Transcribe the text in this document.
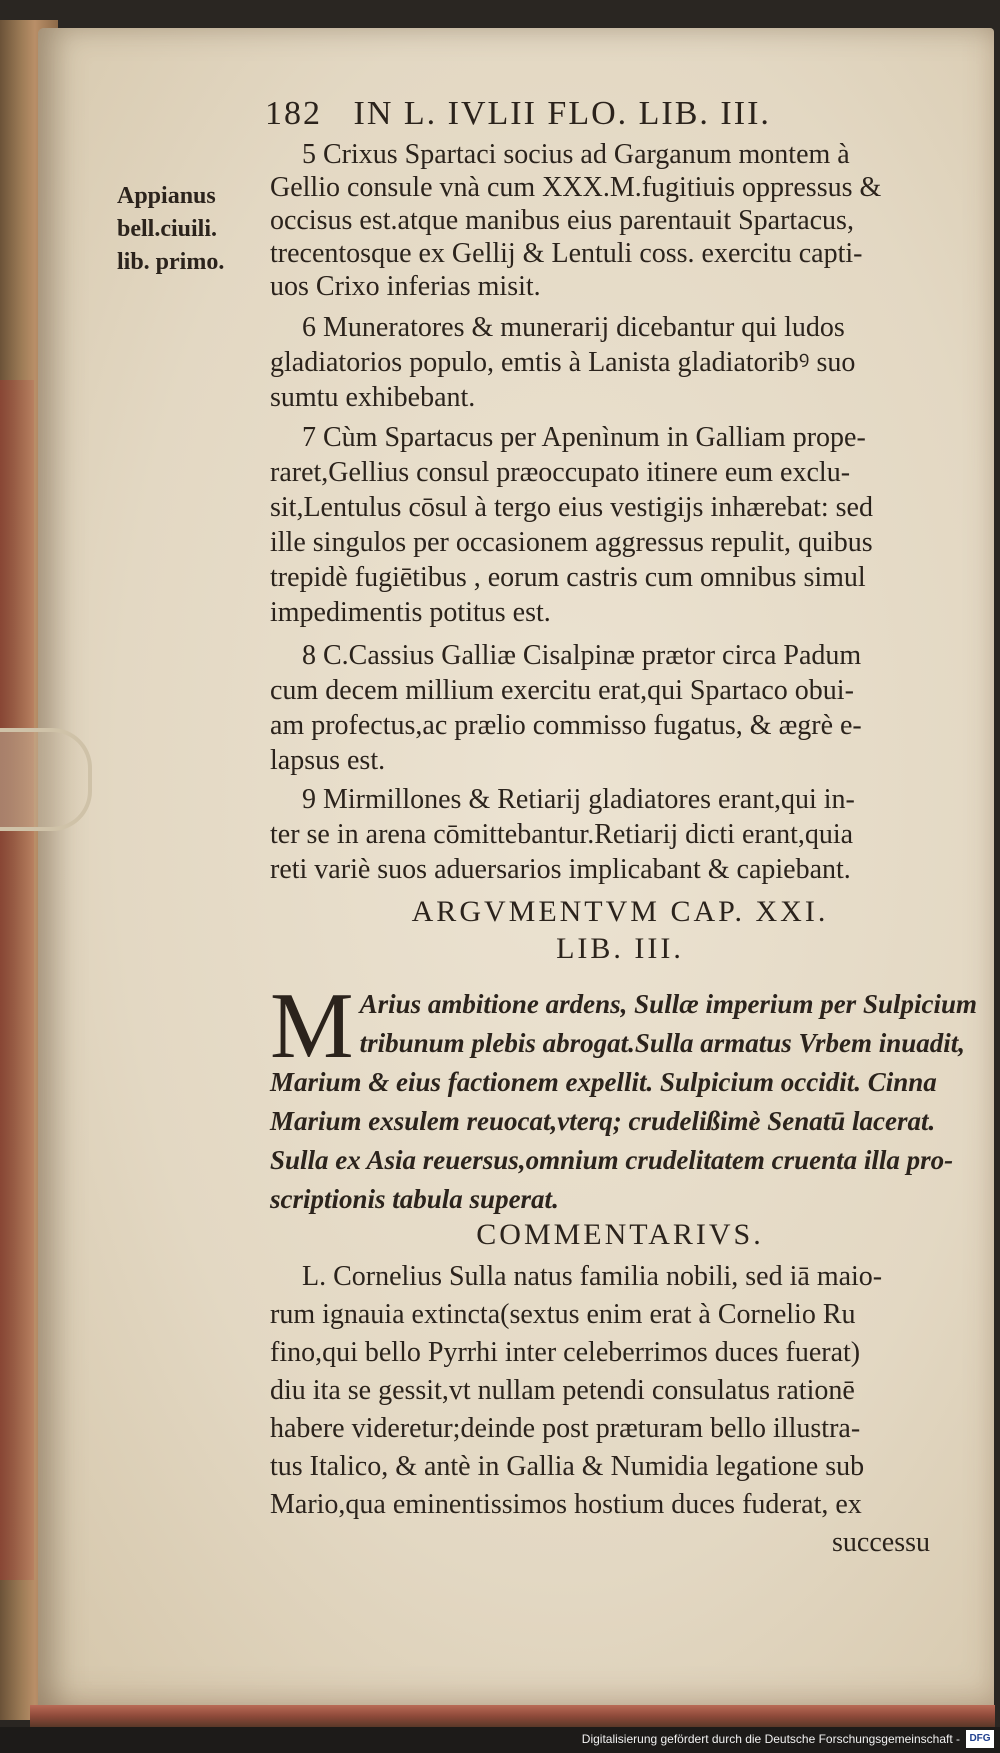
182   IN L. IVLII FLO. LIB. III.
Appianus
bell.ciuili.
lib. primo.
5 Crixus Spartaci socius ad Garganum montem à
Gellio consule vnà cum XXX.M.fugitiuis oppressus &
occisus est.atque manibus eius parentauit Spartacus,
trecentosque ex Gellij & Lentuli coss. exercitu capti-
uos Crixo inferias misit.
6 Muneratores & munerarij dicebantur qui ludos
gladiatorios populo, emtis à Lanista gladiatoribꝰ suo
sumtu exhibebant.
7 Cùm Spartacus per Apenìnum in Galliam prope-
raret,Gellius consul præoccupato itinere eum exclu-
sit,Lentulus cōsul à tergo eius vestigijs inhærebat: sed
ille singulos per occasionem aggressus repulit, quibus
trepidè fugiētibus , eorum castris cum omnibus simul
impedimentis potitus est.
8 C.Cassius Galliæ Cisalpinæ prætor circa Padum
cum decem millium exercitu erat,qui Spartaco obui-
am profectus,ac prælio commisso fugatus, & ægrè e-
lapsus est.
9 Mirmillones & Retiarij gladiatores erant,qui in-
ter se in arena cōmittebantur.Retiarij dicti erant,quia
reti variè suos aduersarios implicabant & capiebant.
ARGVMENTVM CAP. XXI.
LIB. III.
M Arius ambitione ardens, Sullæ imperium per Sulpicium
tribunum plebis abrogat.Sulla armatus Vrbem inuadit,
Marium & eius factionem expellit. Sulpicium occidit. Cinna
Marium exsulem reuocat,vterq; crudelißimè Senatū lacerat.
Sulla ex Asia reuersus,omnium crudelitatem cruenta illa pro-
scriptionis tabula superat.
COMMENTARIVS.
L. Cornelius Sulla natus familia nobili, sed iā maio-
rum ignauia extincta(sextus enim erat à Cornelio Ru
fino,qui bello Pyrrhi inter celeberrimos duces fuerat)
diu ita se gessit,vt nullam petendi consulatus rationē
habere videretur;deinde post præturam bello illustra-
tus Italico, & antè in Gallia & Numidia legatione sub
Mario,qua eminentissimos hostium duces fuderat, ex
successu
Digitalisierung gefördert durch die Deutsche Forschungsgemeinschaft - DFG
